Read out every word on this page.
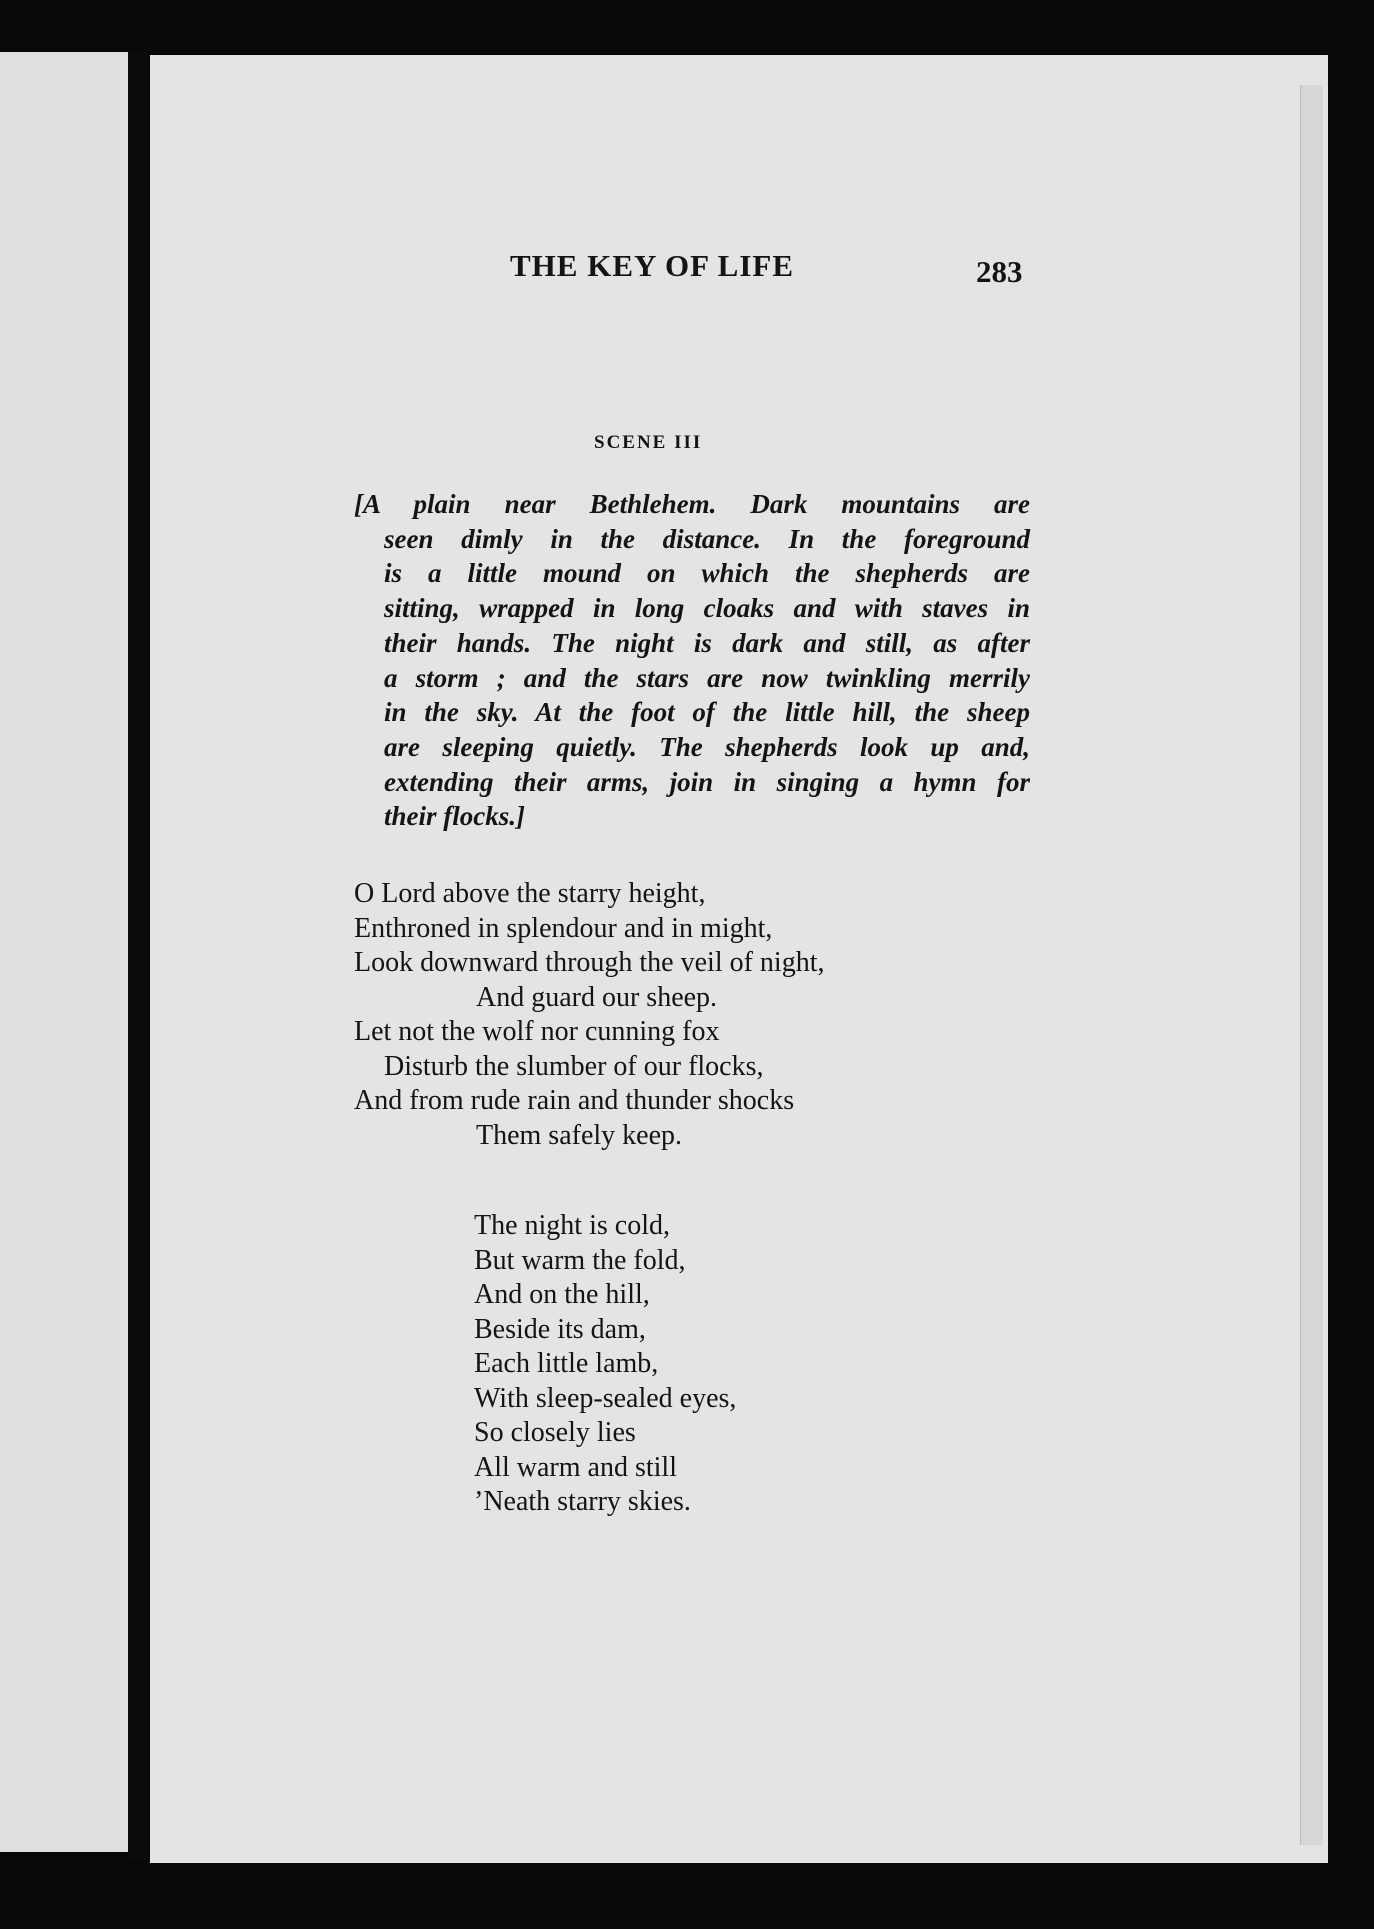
THE KEY OF LIFE	283
SCENE III
[A plain near Bethlehem. Dark mountains are
seen dimly in the distance. In the foreground
is a little mound on which the shepherds are
sitting, wrapped in long cloaks and with staves in
their hands. The night is dark and still, as after
a storm ; and the stars are now twinkling merrily
in the sky. At the foot of the little hill, the sheep
are sleeping quietly. The shepherds look up and,
extending their arms, join in singing a hymn for
their flocks.]
O Lord above the starry height,
Enthroned in splendour and in might,
Look downward through the veil of night,
And guard our sheep.
Let not the wolf nor cunning fox
Disturb the slumber of our flocks,
And from rude rain and thunder shocks
Them safely keep.
The night is cold,
But warm the fold,
And on the hill,
Beside its dam,
Each little lamb,
With sleep-sealed eyes,
So closely lies
All warm and still
’Neath starry skies.
